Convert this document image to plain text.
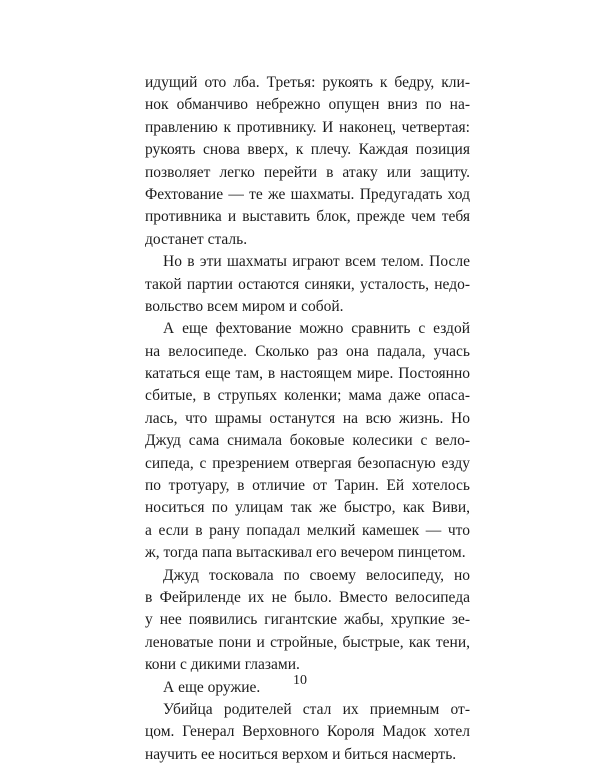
идущий ото лба. Третья: рукоять к бедру, кли-
нок обманчиво небрежно опущен вниз по на-
правлению к противнику. И наконец, четвертая:
рукоять снова вверх, к плечу. Каждая позиция
позволяет легко перейти в атаку или защиту.
Фехтование — те же шахматы. Предугадать ход
противника и выставить блок, прежде чем тебя
достанет сталь.
Но в эти шахматы играют всем телом. После
такой партии остаются синяки, усталость, недо-
вольство всем миром и собой.
А еще фехтование можно сравнить с ездой
на велосипеде. Сколько раз она падала, учась
кататься еще там, в настоящем мире. Постоянно
сбитые, в струпьях коленки; мама даже опаса-
лась, что шрамы останутся на всю жизнь. Но
Джуд сама снимала боковые колесики с вело-
сипеда, с презрением отвергая безопасную езду
по тротуару, в отличие от Тарин. Ей хотелось
носиться по улицам так же быстро, как Виви,
а если в рану попадал мелкий камешек — что
ж, тогда папа вытаскивал его вечером пинцетом.
Джуд тосковала по своему велосипеду, но
в Фейриленде их не было. Вместо велосипеда
у нее появились гигантские жабы, хрупкие зе-
леноватые пони и стройные, быстрые, как тени,
кони с дикими глазами.
А еще оружие.
Убийца родителей стал их приемным от-
цом. Генерал Верховного Короля Мадок хотел
научить ее носиться верхом и биться насмерть.
10
